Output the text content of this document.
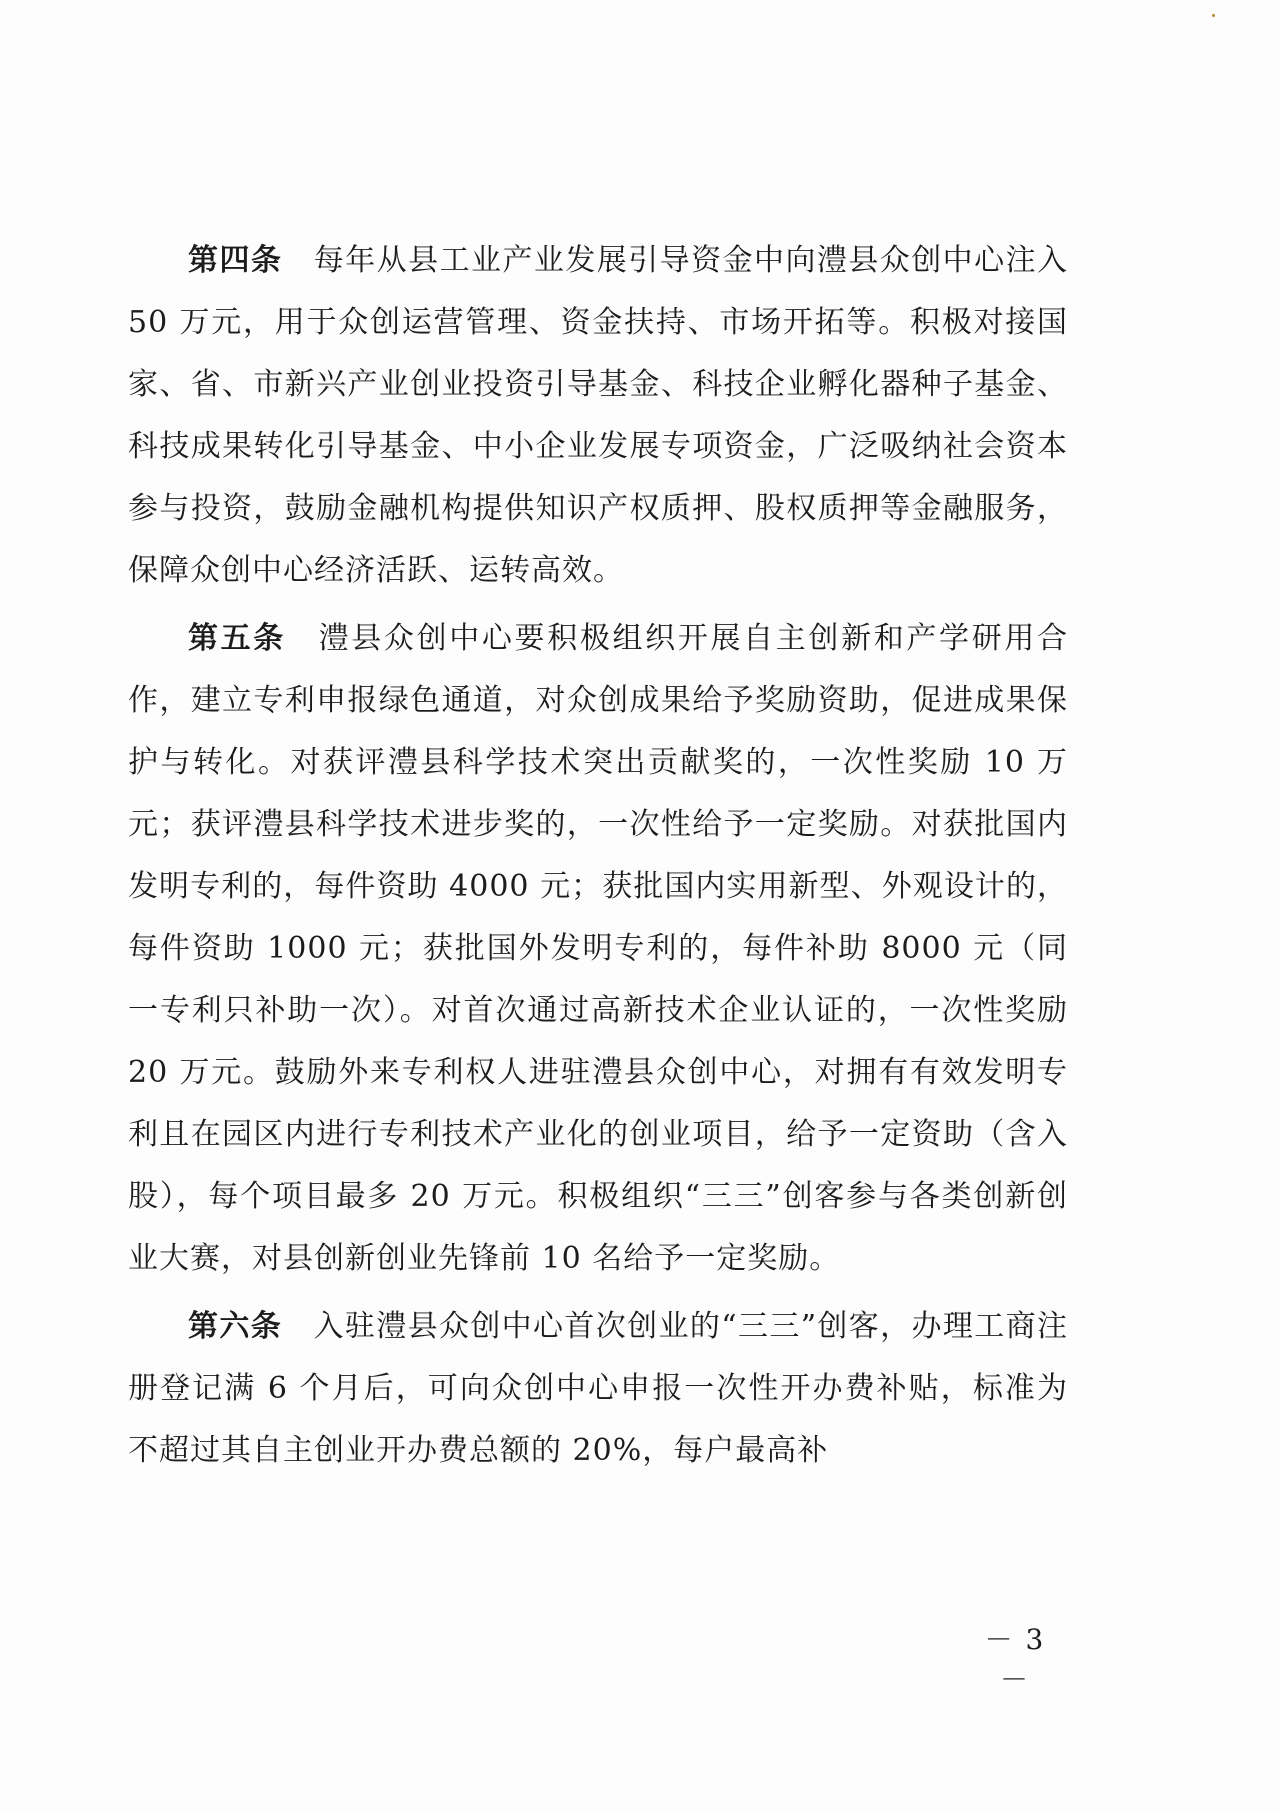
第四条  每年从县工业产业发展引导资金中向澧县众创中心注入 50 万元，用于众创运营管理、资金扶持、市场开拓等。积极对接国家、省、市新兴产业创业投资引导基金、科技企业孵化器种子基金、科技成果转化引导基金、中小企业发展专项资金，广泛吸纳社会资本参与投资，鼓励金融机构提供知识产权质押、股权质押等金融服务，保障众创中心经济活跃、运转高效。

第五条  澧县众创中心要积极组织开展自主创新和产学研用合作，建立专利申报绿色通道，对众创成果给予奖励资助，促进成果保护与转化。对获评澧县科学技术突出贡献奖的，一次性奖励 10 万元；获评澧县科学技术进步奖的，一次性给予一定奖励。对获批国内发明专利的，每件资助 4000 元；获批国内实用新型、外观设计的，每件资助 1000 元；获批国外发明专利的，每件补助 8000 元（同一专利只补助一次）。对首次通过高新技术企业认证的，一次性奖励 20 万元。鼓励外来专利权人进驻澧县众创中心，对拥有有效发明专利且在园区内进行专利技术产业化的创业项目，给予一定资助（含入股），每个项目最多 20 万元。积极组织“三三”创客参与各类创新创业大赛，对县创新创业先锋前 10 名给予一定奖励。

第六条  入驻澧县众创中心首次创业的“三三”创客，办理工商注册登记满 6 个月后，可向众创中心申报一次性开办费补贴，标准为不超过其自主创业开办费总额的 20%，每户最高补

－ 3 －
